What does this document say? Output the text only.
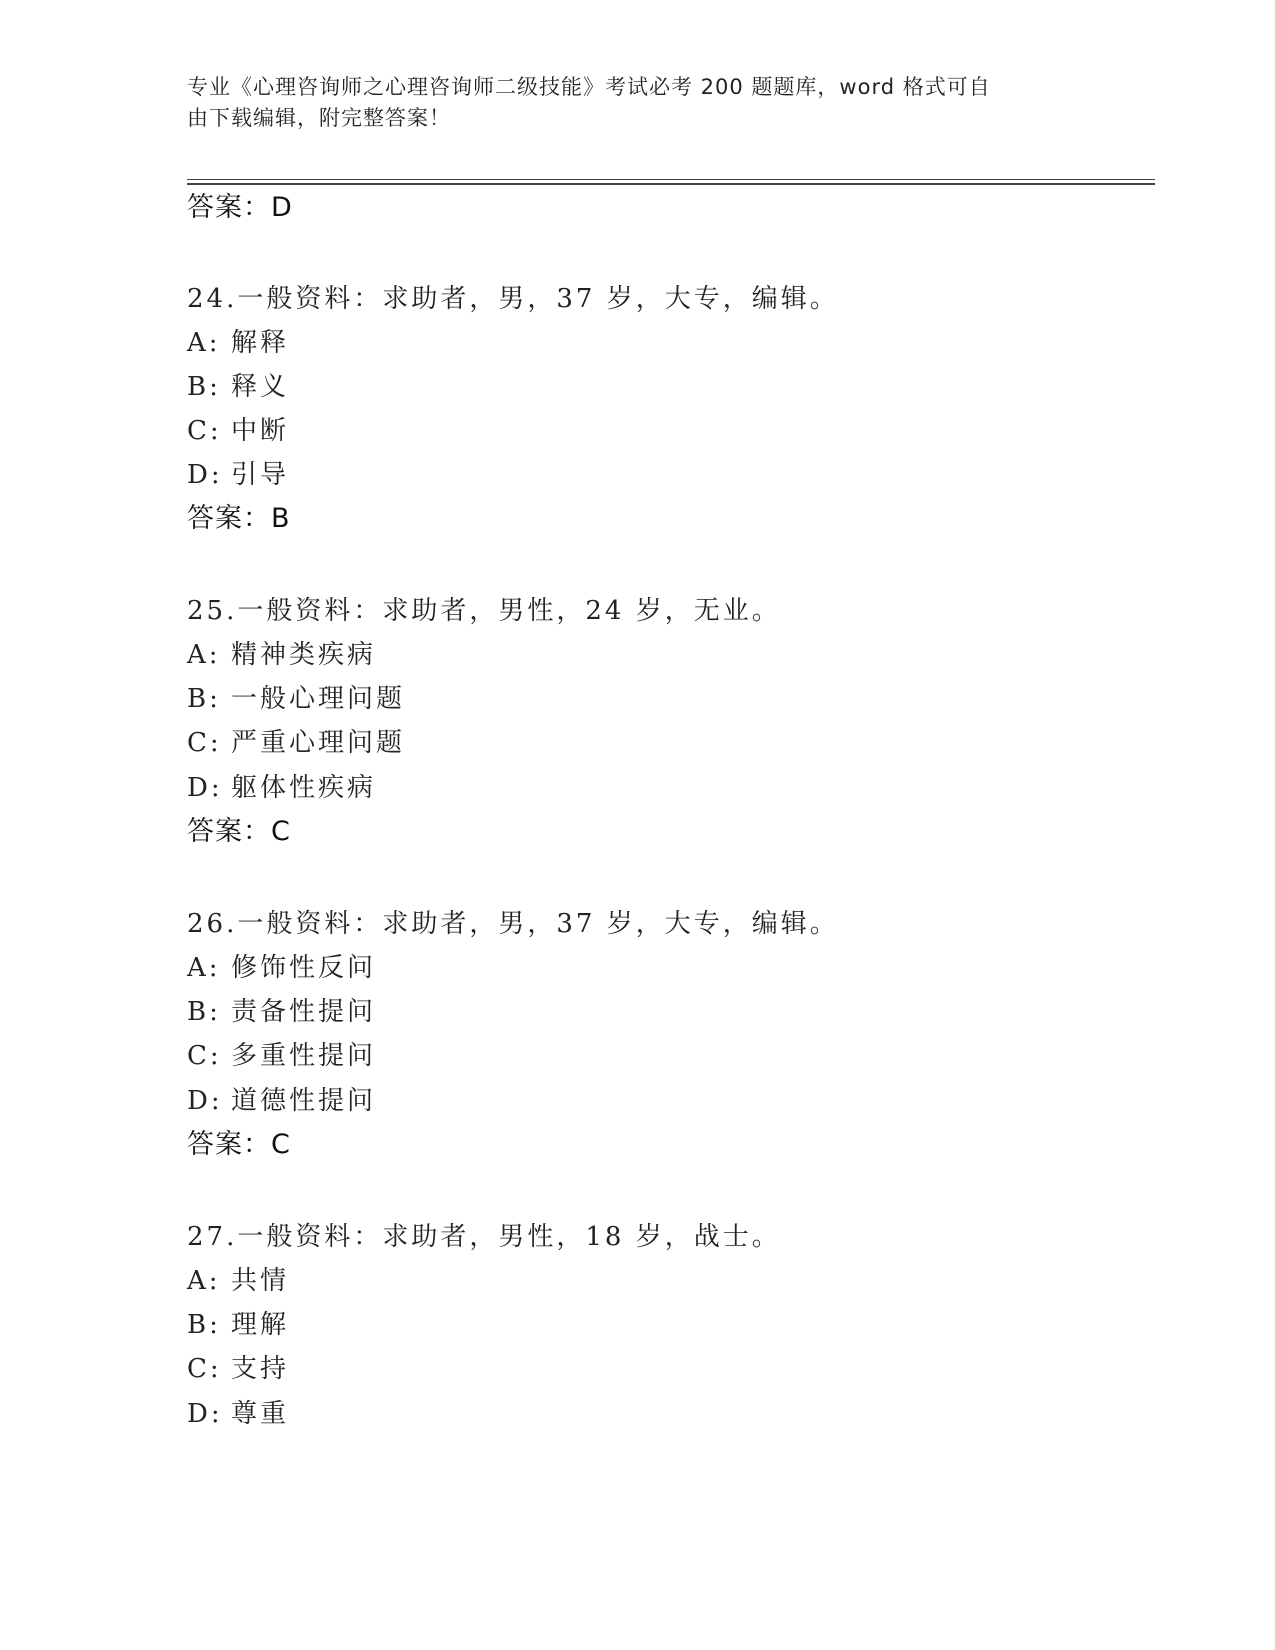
专业《心理咨询师之心理咨询师二级技能》考试必考 200 题题库，word 格式可自
由下载编辑，附完整答案！
答案：D
24.一般资料：求助者，男，37 岁，大专，编辑。
A: 解释
B: 释义
C: 中断
D: 引导
答案：B
25.一般资料：求助者，男性，24 岁，无业。
A: 精神类疾病
B: 一般心理问题
C: 严重心理问题
D: 躯体性疾病
答案：C
26.一般资料：求助者，男，37 岁，大专，编辑。
A: 修饰性反问
B: 责备性提问
C: 多重性提问
D: 道德性提问
答案：C
27.一般资料：求助者，男性，18 岁，战士。
A: 共情
B: 理解
C: 支持
D: 尊重
